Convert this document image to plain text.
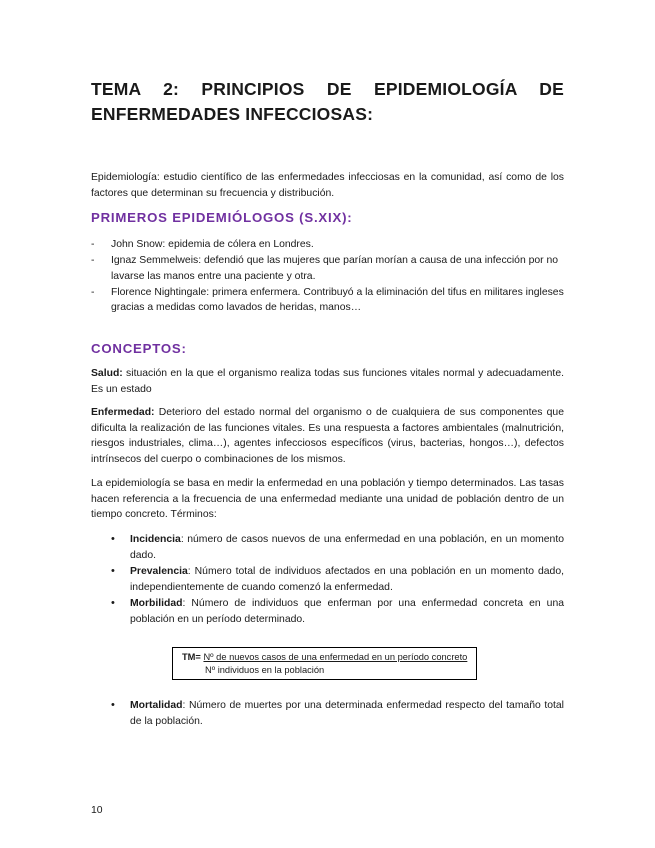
TEMA 2: PRINCIPIOS DE EPIDEMIOLOGÍA DE ENFERMEDADES INFECCIOSAS:
Epidemiología: estudio científico de las enfermedades infecciosas en la comunidad, así como de los factores que determinan su frecuencia y distribución.
PRIMEROS EPIDEMIÓLOGOS (S.XIX):
- John Snow: epidemia de cólera en Londres.
- Ignaz Semmelweis: defendió que las mujeres que parían morían a causa de una infección por no lavarse las manos entre una paciente y otra.
- Florence Nightingale: primera enfermera. Contribuyó a la eliminación del tifus en militares ingleses gracias a medidas como lavados de heridas, manos…
CONCEPTOS:
Salud: situación en la que el organismo realiza todas sus funciones vitales normal y adecuadamente. Es un estado
Enfermedad: Deterioro del estado normal del organismo o de cualquiera de sus componentes que dificulta la realización de las funciones vitales. Es una respuesta a factores ambientales (malnutrición, riesgos industriales, clima…), agentes infecciosos específicos (virus, bacterias, hongos…), defectos intrínsecos del cuerpo o combinaciones de los mismos.
La epidemiología se basa en medir la enfermedad en una población y tiempo determinados. Las tasas hacen referencia a la frecuencia de una enfermedad mediante una unidad de población dentro de un tiempo concreto. Términos:
• Incidencia: número de casos nuevos de una enfermedad en una población, en un momento dado.
• Prevalencia: Número total de individuos afectados en una población en un momento dado, independientemente de cuando comenzó la enfermedad.
• Morbilidad: Número de individuos que enferman por una enfermedad concreta en una población en un período determinado.
TM= Nº de nuevos casos de una enfermedad en un período concreto
Nº individuos en la población
• Mortalidad: Número de muertes por una determinada enfermedad respecto del tamaño total de la población.
10
